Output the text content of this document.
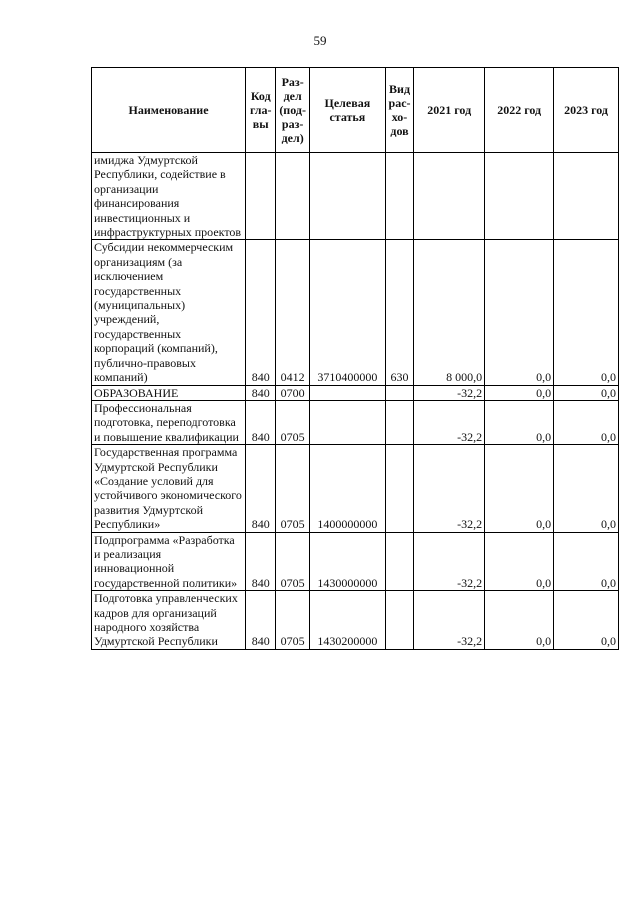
59
Наименование	Код гла-вы	Раз-дел (под-раз-дел)	Целевая статья	Вид рас-хо-дов	2021 год	2022 год	2023 год
имиджа Удмуртской Республики, содействие в организации финансирования инвестиционных и инфраструктурных проектов							
Субсидии некоммерческим организациям (за исключением государственных (муниципальных) учреждений, государственных корпораций (компаний), публично-правовых компаний)	840	0412	3710400000	630	8 000,0	0,0	0,0
ОБРАЗОВАНИЕ	840	0700			-32,2	0,0	0,0
Профессиональная подготовка, переподготовка и повышение квалификации	840	0705			-32,2	0,0	0,0
Государственная программа Удмуртской Республики «Создание условий для устойчивого экономического развития Удмуртской Республики»	840	0705	1400000000		-32,2	0,0	0,0
Подпрограмма «Разработка и реализация инновационной государственной политики»	840	0705	1430000000		-32,2	0,0	0,0
Подготовка управленческих кадров для организаций народного хозяйства Удмуртской Республики	840	0705	1430200000		-32,2	0,0	0,0
